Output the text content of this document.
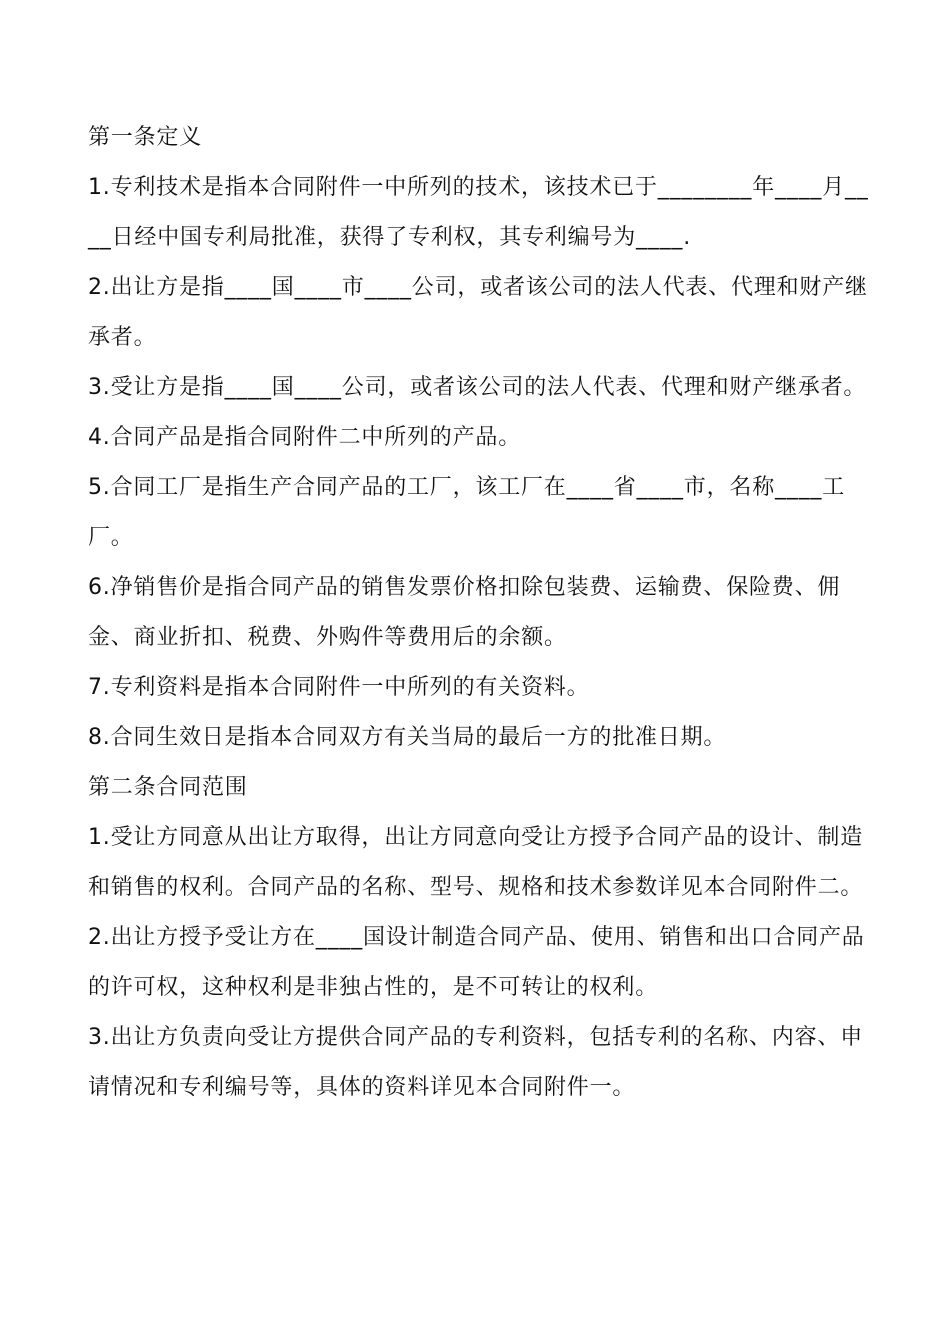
第一条定义

1.专利技术是指本合同附件一中所列的技术，该技术已于________年____月____日经中国专利局批准，获得了专利权，其专利编号为____.

2.出让方是指____国____市____公司，或者该公司的法人代表、代理和财产继承者。

3.受让方是指____国____公司，或者该公司的法人代表、代理和财产继承者。

4.合同产品是指合同附件二中所列的产品。

5.合同工厂是指生产合同产品的工厂，该工厂在____省____市，名称____工厂。

6.净销售价是指合同产品的销售发票价格扣除包装费、运输费、保险费、佣金、商业折扣、税费、外购件等费用后的余额。

7.专利资料是指本合同附件一中所列的有关资料。

8.合同生效日是指本合同双方有关当局的最后一方的批准日期。

第二条合同范围

1.受让方同意从出让方取得，出让方同意向受让方授予合同产品的设计、制造和销售的权利。合同产品的名称、型号、规格和技术参数详见本合同附件二。

2.出让方授予受让方在____国设计制造合同产品、使用、销售和出口合同产品的许可权，这种权利是非独占性的，是不可转让的权利。

3.出让方负责向受让方提供合同产品的专利资料，包括专利的名称、内容、申请情况和专利编号等，具体的资料详见本合同附件一。
